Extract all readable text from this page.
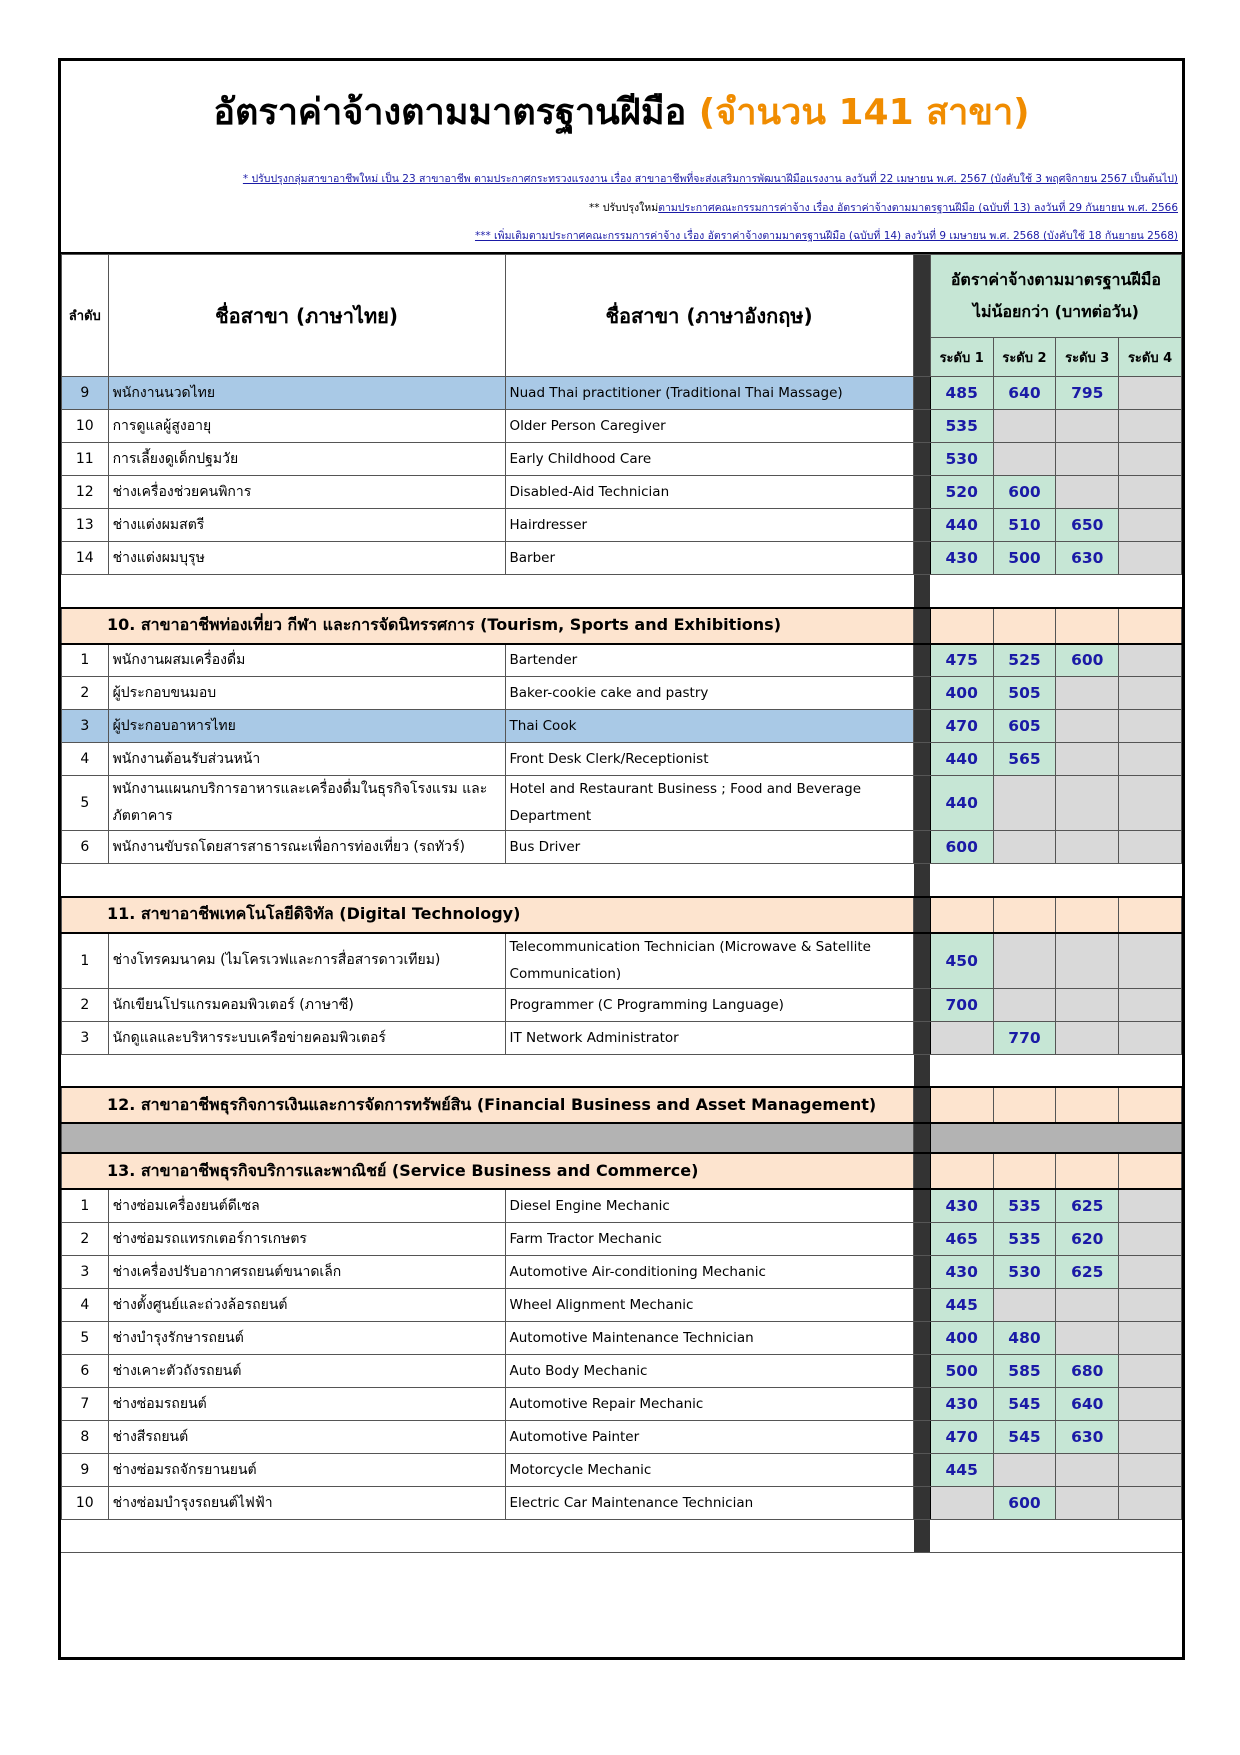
อัตราค่าจ้างตามมาตรฐานฝีมือ (จำนวน 141 สาขา)
* ปรับปรุงกลุ่มสาขาอาชีพใหม่ เป็น 23 สาขาอาชีพ ตามประกาศกระทรวงแรงงาน เรื่อง สาขาอาชีพที่จะส่งเสริมการพัฒนาฝีมือแรงงาน ลงวันที่ 22 เมษายน พ.ศ. 2567 (บังคับใช้ 3 พฤศจิกายน 2567 เป็นต้นไป)
** ปรับปรุงใหม่ตามประกาศคณะกรรมการค่าจ้าง เรื่อง อัตราค่าจ้างตามมาตรฐานฝีมือ (ฉบับที่ 13) ลงวันที่ 29 กันยายน พ.ศ. 2566
*** เพิ่มเติมตามประกาศคณะกรรมการค่าจ้าง เรื่อง อัตราค่าจ้างตามมาตรฐานฝีมือ (ฉบับที่ 14) ลงวันที่ 9 เมษายน พ.ศ. 2568 (บังคับใช้ 18 กันยายน 2568)
ลำดับ	ชื่อสาขา (ภาษาไทย)	ชื่อสาขา (ภาษาอังกฤษ)		อัตราค่าจ้างตามมาตรฐานฝีมือ
ไม่น้อยกว่า (บาทต่อวัน)			

				ระดับ 1	ระดับ 2	ระดับ 3	ระดับ 4
9	พนักงานนวดไทย	Nuad Thai practitioner (Traditional Thai Massage)		485	640	795	
10	การดูแลผู้สูงอายุ	Older Person Caregiver		535			
11	การเลี้ยงดูเด็กปฐมวัย	Early Childhood Care		530			
12	ช่างเครื่องช่วยคนพิการ	Disabled-Aid Technician		520	600		
13	ช่างแต่งผมสตรี	Hairdresser		440	510	650	
14	ช่างแต่งผมบุรุษ	Barber		430	500	630	

10. สาขาอาชีพท่องเที่ยว กีฬา และการจัดนิทรรศการ (Tourism, Sports and Exhibitions)							
1	พนักงานผสมเครื่องดื่ม	Bartender		475	525	600	
2	ผู้ประกอบขนมอบ	Baker-cookie cake and pastry		400	505		
3	ผู้ประกอบอาหารไทย	Thai Cook		470	605		
4	พนักงานต้อนรับส่วนหน้า	Front Desk Clerk/Receptionist		440	565		
5	พนักงานแผนกบริการอาหารและเครื่องดื่มในธุรกิจโรงแรม และภัตตาคาร	Hotel and Restaurant Business ; Food and Beverage Department		440			
6	พนักงานขับรถโดยสารสาธารณะเพื่อการท่องเที่ยว (รถทัวร์)	Bus Driver		600			

11. สาขาอาชีพเทคโนโลยีดิจิทัล (Digital Technology)							
1	ช่างโทรคมนาคม (ไมโครเวฟและการสื่อสารดาวเทียม)	Telecommunication Technician (Microwave & Satellite Communication)		450			
2	นักเขียนโปรแกรมคอมพิวเตอร์ (ภาษาซี)	Programmer (C Programming Language)		700			
3	นักดูแลและบริหารระบบเครือข่ายคอมพิวเตอร์	IT Network Administrator			770		

12. สาขาอาชีพธุรกิจการเงินและการจัดการทรัพย์สิน (Financial Business and Asset Management)							

13. สาขาอาชีพธุรกิจบริการและพาณิชย์ (Service Business and Commerce)							
1	ช่างซ่อมเครื่องยนต์ดีเซล	Diesel Engine Mechanic		430	535	625	
2	ช่างซ่อมรถแทรกเตอร์การเกษตร	Farm Tractor Mechanic		465	535	620	
3	ช่างเครื่องปรับอากาศรถยนต์ขนาดเล็ก	Automotive Air-conditioning Mechanic		430	530	625	
4	ช่างตั้งศูนย์และถ่วงล้อรถยนต์	Wheel Alignment Mechanic		445			
5	ช่างบำรุงรักษารถยนต์	Automotive Maintenance Technician		400	480		
6	ช่างเคาะตัวถังรถยนต์	Auto Body Mechanic		500	585	680	
7	ช่างซ่อมรถยนต์	Automotive Repair Mechanic		430	545	640	
8	ช่างสีรถยนต์	Automotive Painter		470	545	630	
9	ช่างซ่อมรถจักรยานยนต์	Motorcycle Mechanic		445			
10	ช่างซ่อมบำรุงรถยนต์ไฟฟ้า	Electric Car Maintenance Technician			600		
